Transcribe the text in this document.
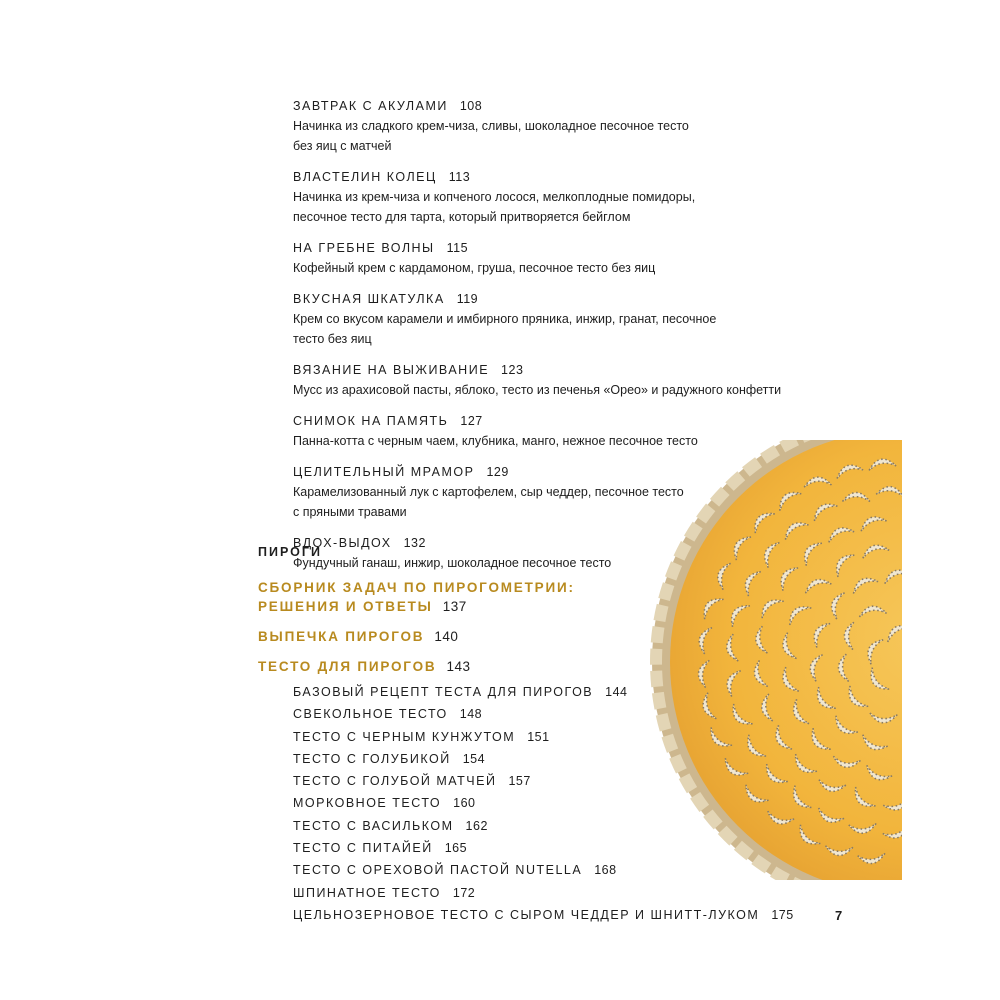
ЗАВТРАК С АКУЛАМИ 108
Начинка из сладкого крем-чиза, сливы, шоколадное песочное тесто
без яиц с матчей
ВЛАСТЕЛИН КОЛЕЦ 113
Начинка из крем-чиза и копченого лосося, мелкоплодные помидоры,
песочное тесто для тарта, который притворяется бейглом
НА ГРЕБНЕ ВОЛНЫ 115
Кофейный крем с кардамоном, груша, песочное тесто без яиц
ВКУСНАЯ ШКАТУЛКА 119
Крем со вкусом карамели и имбирного пряника, инжир, гранат, песочное
тесто без яиц
ВЯЗАНИЕ НА ВЫЖИВАНИЕ 123
Мусс из арахисовой пасты, яблоко, тесто из печенья «Орео» и радужного конфетти
СНИМОК НА ПАМЯТЬ 127
Панна-котта с черным чаем, клубника, манго, нежное песочное тесто
ЦЕЛИТЕЛЬНЫЙ МРАМОР 129
Карамелизованный лук с картофелем, сыр чеддер, песочное тесто
с пряными травами
ВДОХ-ВЫДОХ 132
Фундучный ганаш, инжир, шоколадное песочное тесто
ПИРОГИ
СБОРНИК ЗАДАЧ ПО ПИРОГОМЕТРИИ:
РЕШЕНИЯ И ОТВЕТЫ 137
ВЫПЕЧКА ПИРОГОВ 140
ТЕСТО ДЛЯ ПИРОГОВ 143
БАЗОВЫЙ РЕЦЕПТ ТЕСТА ДЛЯ ПИРОГОВ 144
СВЕКОЛЬНОЕ ТЕСТО 148
ТЕСТО С ЧЕРНЫМ КУНЖУТОМ 151
ТЕСТО С ГОЛУБИКОЙ 154
ТЕСТО С ГОЛУБОЙ МАТЧЕЙ 157
МОРКОВНОЕ ТЕСТО 160
ТЕСТО С ВАСИЛЬКОМ 162
ТЕСТО С ПИТАЙЕЙ 165
ТЕСТО С ОРЕХОВОЙ ПАСТОЙ NUTELLA 168
ШПИНАТНОЕ ТЕСТО 172
ЦЕЛЬНОЗЕРНОВОЕ ТЕСТО С СЫРОМ ЧЕДДЕР И ШНИТТ-ЛУКОМ 175	7
